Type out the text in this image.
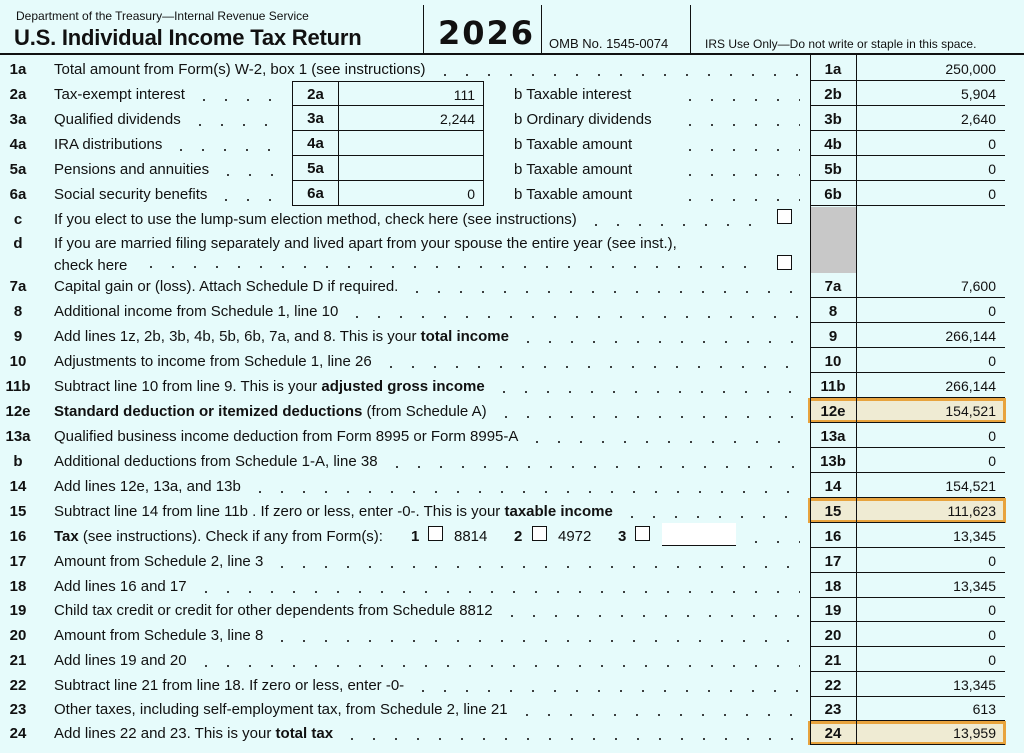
Department of the Treasury—Internal Revenue Service
U.S. Individual Income Tax Return 2026 OMB No. 1545-0074	IRS Use Only—Do not write or staple in this space.
1a	Total amount from Form(s) W-2, box 1 (see instructions)	1a	250,000
2a	Tax-exempt interest	2a	111	b Taxable interest	2b	5,904
3a	Qualified dividends	3a	2,244	b Ordinary dividends	3b	2,640
4a	IRA distributions	4a	b Taxable amount	4b	0
5a	Pensions and annuities	5a	b Taxable amount	5b	0
6a	Social security benefits	6a	0	b Taxable amount	6b	0
c	If you elect to use the lump-sum election method, check here (see instructions)
d	If you are married filing separately and lived apart from your spouse the entire year (see inst.),
check here
7a	Capital gain or (loss). Attach Schedule D if required.	7a	7,600
8	Additional income from Schedule 1, line 10	8	0
9	Add lines 1z, 2b, 3b, 4b, 5b, 6b, 7a, and 8. This is your total income	9	266,144
10	Adjustments to income from Schedule 1, line 26	10	0
11b	Subtract line 10 from line 9. This is your adjusted gross income	11b	266,144
12e	Standard deduction or itemized deductions (from Schedule A)	12e	154,521
13a	Qualified business income deduction from Form 8995 or Form 8995-A	13a	0
b	Additional deductions from Schedule 1-A, line 38	13b	0
14	Add lines 12e, 13a, and 13b	14	154,521
15	Subtract line 14 from line 11b . If zero or less, enter -0-. This is your taxable income	15	111,623
16	Tax (see instructions). Check if any from Form(s): 1 8814 2 4972 3	16	13,345
17	Amount from Schedule 2, line 3	17	0
18	Add lines 16 and 17	18	13,345
19	Child tax credit or credit for other dependents from Schedule 8812	19	0
20	Amount from Schedule 3, line 8	20	0
21	Add lines 19 and 20	21	0
22	Subtract line 21 from line 18. If zero or less, enter -0-	22	13,345
23	Other taxes, including self-employment tax, from Schedule 2, line 21	23	613
24	Add lines 22 and 23. This is your total tax	24	13,959
